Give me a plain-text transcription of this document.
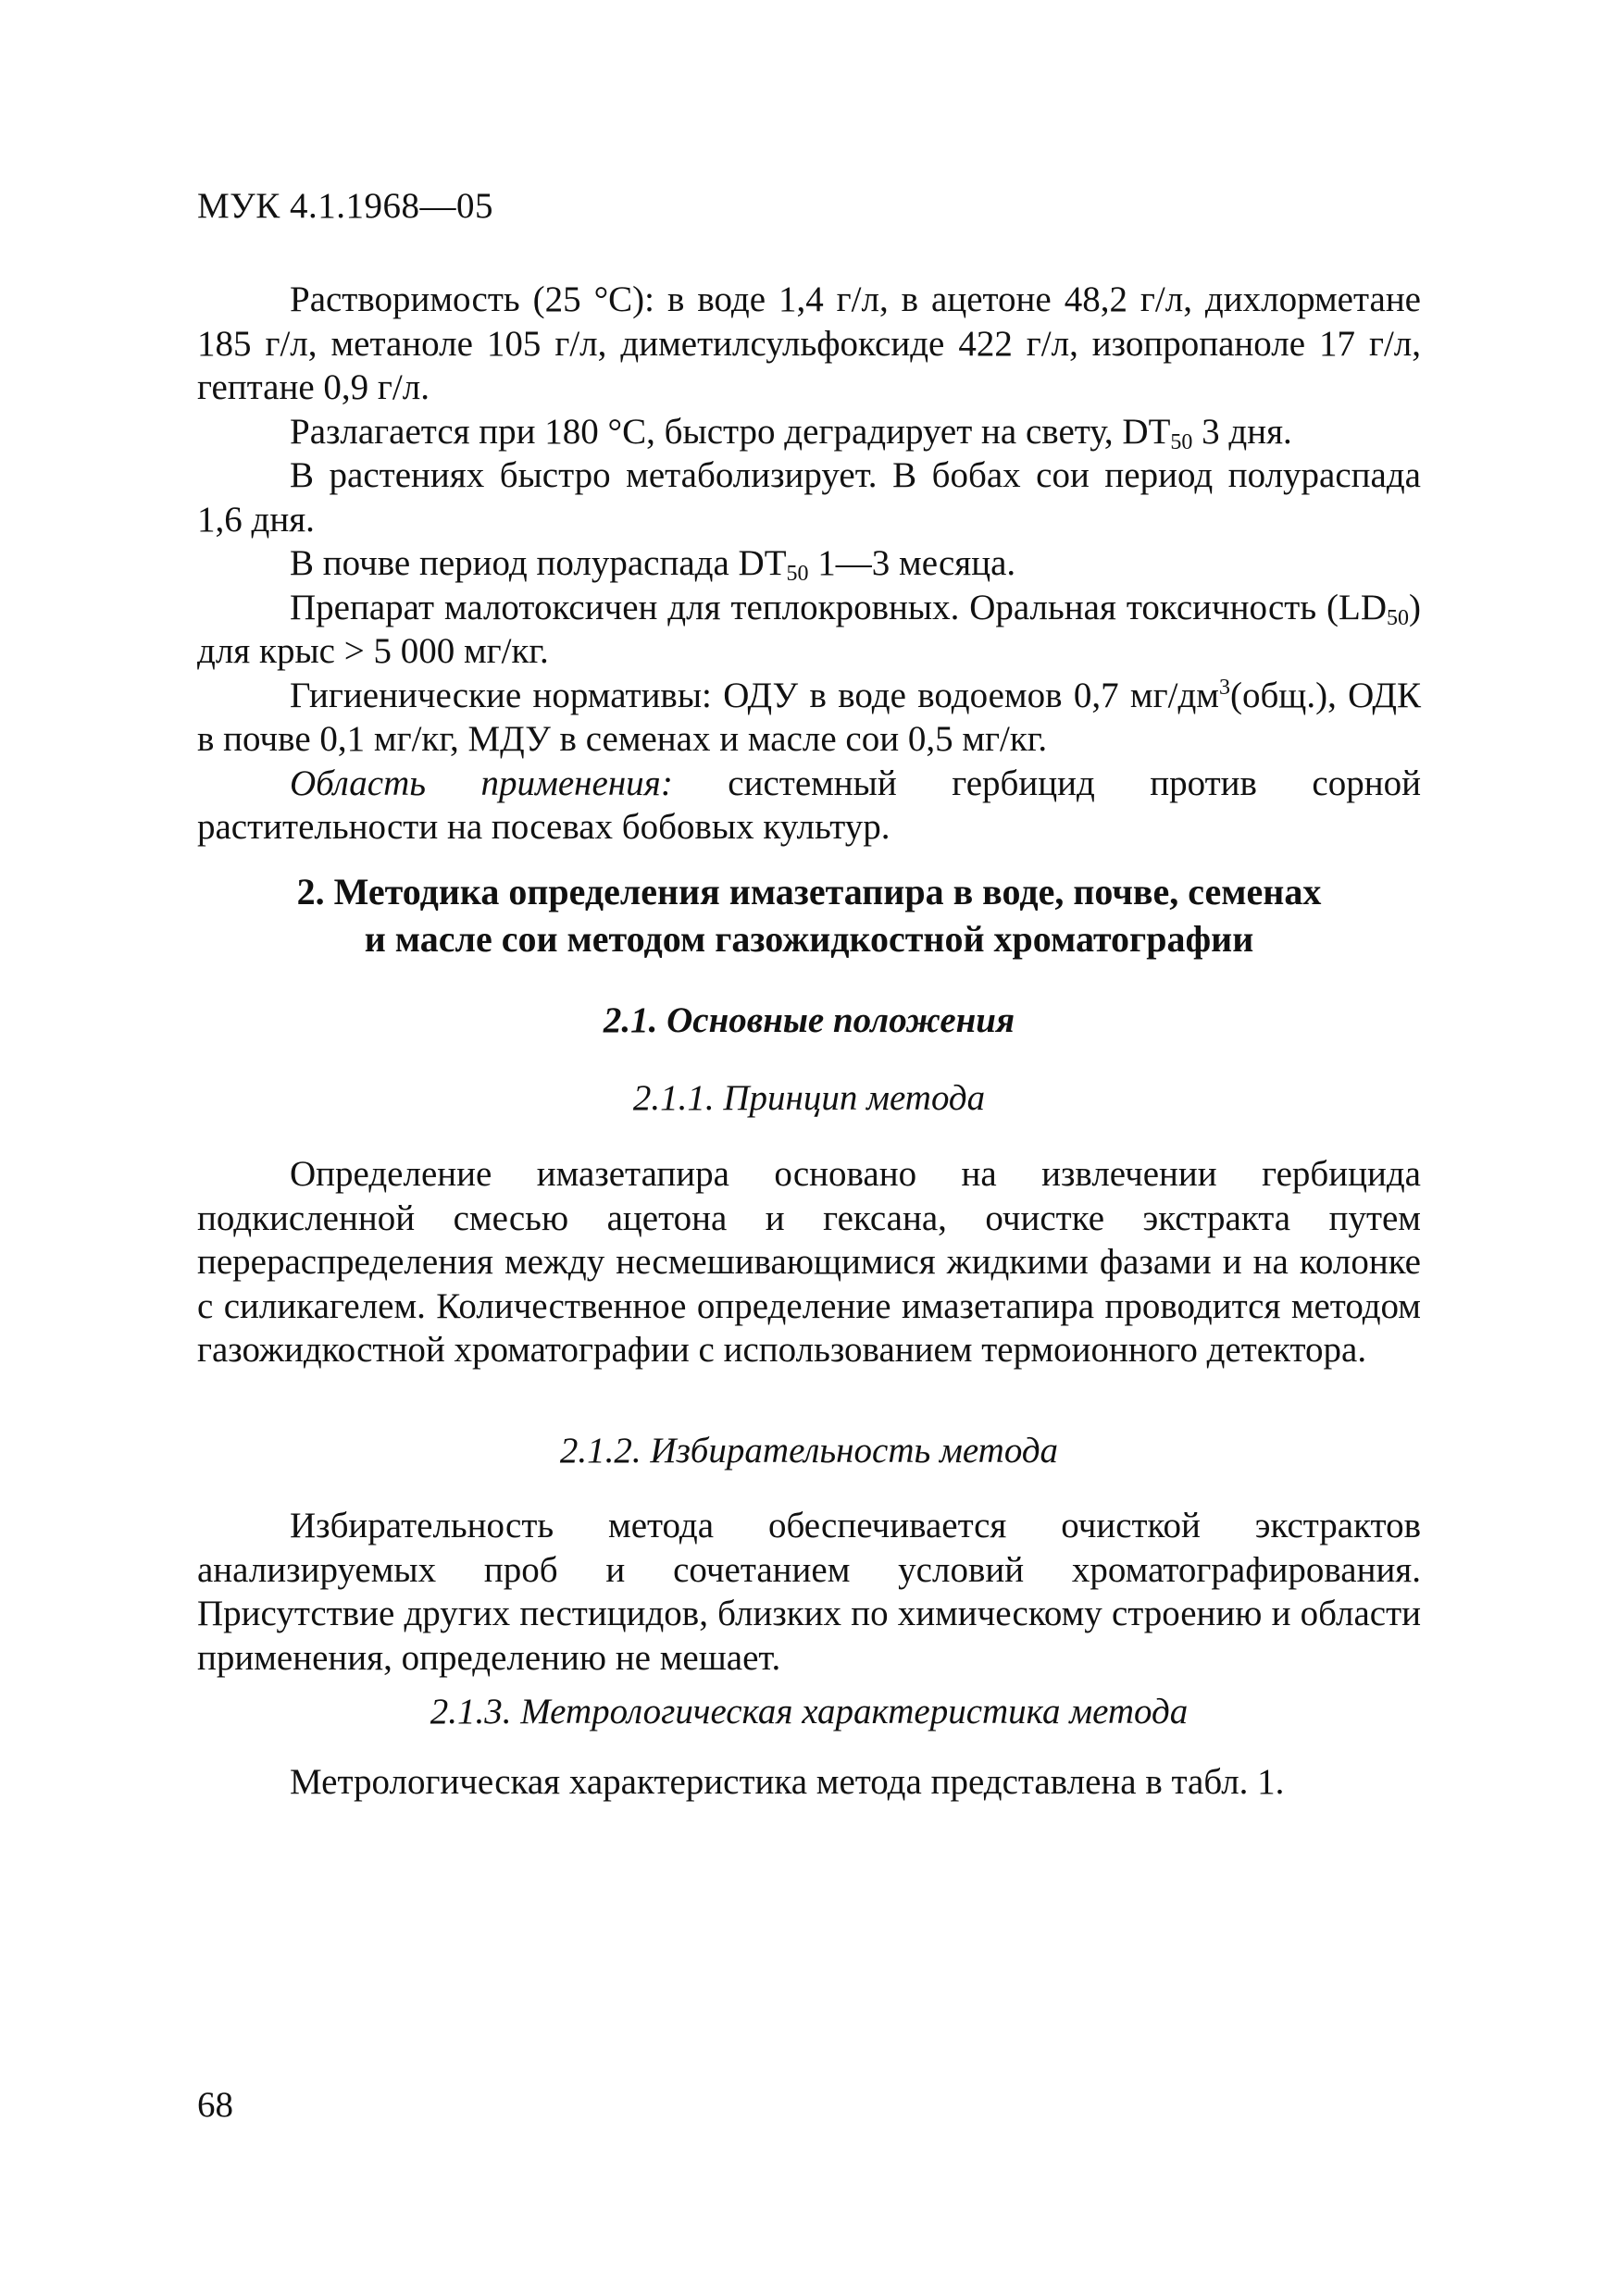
МУК 4.1.1968—05

Растворимость (25 °С): в воде 1,4 г/л, в ацетоне 48,2 г/л, дихлорметане 185 г/л, метаноле 105 г/л, диметилсульфоксиде 422 г/л, изопропаноле 17 г/л, гептане 0,9 г/л.

Разлагается при 180 °С, быстро деградирует на свету, $DT_{50}$ 3 дня.

В растениях быстро метаболизирует. В бобах сои период полураспада 1,6 дня.

В почве период полураспада $DT_{50}$ 1—3 месяца.

Препарат малотоксичен для теплокровных. Оральная токсичность $(LD_{50})$ для крыс > 5 000 мг/кг.

Гигиенические нормативы: ОДУ в воде водоемов 0,7 $мг/дм^3(общ.)$, ОДК в почве 0,1 мг/кг, МДУ в семенах и масле сои 0,5 мг/кг.

Область применения: системный гербицид против сорной растительности на посевах бобовых культур.

2. Методика определения имазетапира в воде, почве, семенах
и масле сои методом газожидкостной хроматографии
2.1. Основные положения
2.1.1. Принцип метода

Определение имазетапира основано на извлечении гербицида подкисленной смесью ацетона и гексана, очистке экстракта путем перераспределения между несмешивающимися жидкими фазами и на колонке с силикагелем. Количественное определение имазетапира проводится методом газожидкостной хроматографии с использованием термоионного детектора.

2.1.2. Избирательность метода

Избирательность метода обеспечивается очисткой экстрактов анализируемых проб и сочетанием условий хроматографирования. Присутствие других пестицидов, близких по химическому строению и области применения, определению не мешает.

2.1.3. Метрологическая характеристика метода

Метрологическая характеристика метода представлена в табл. 1.

68
